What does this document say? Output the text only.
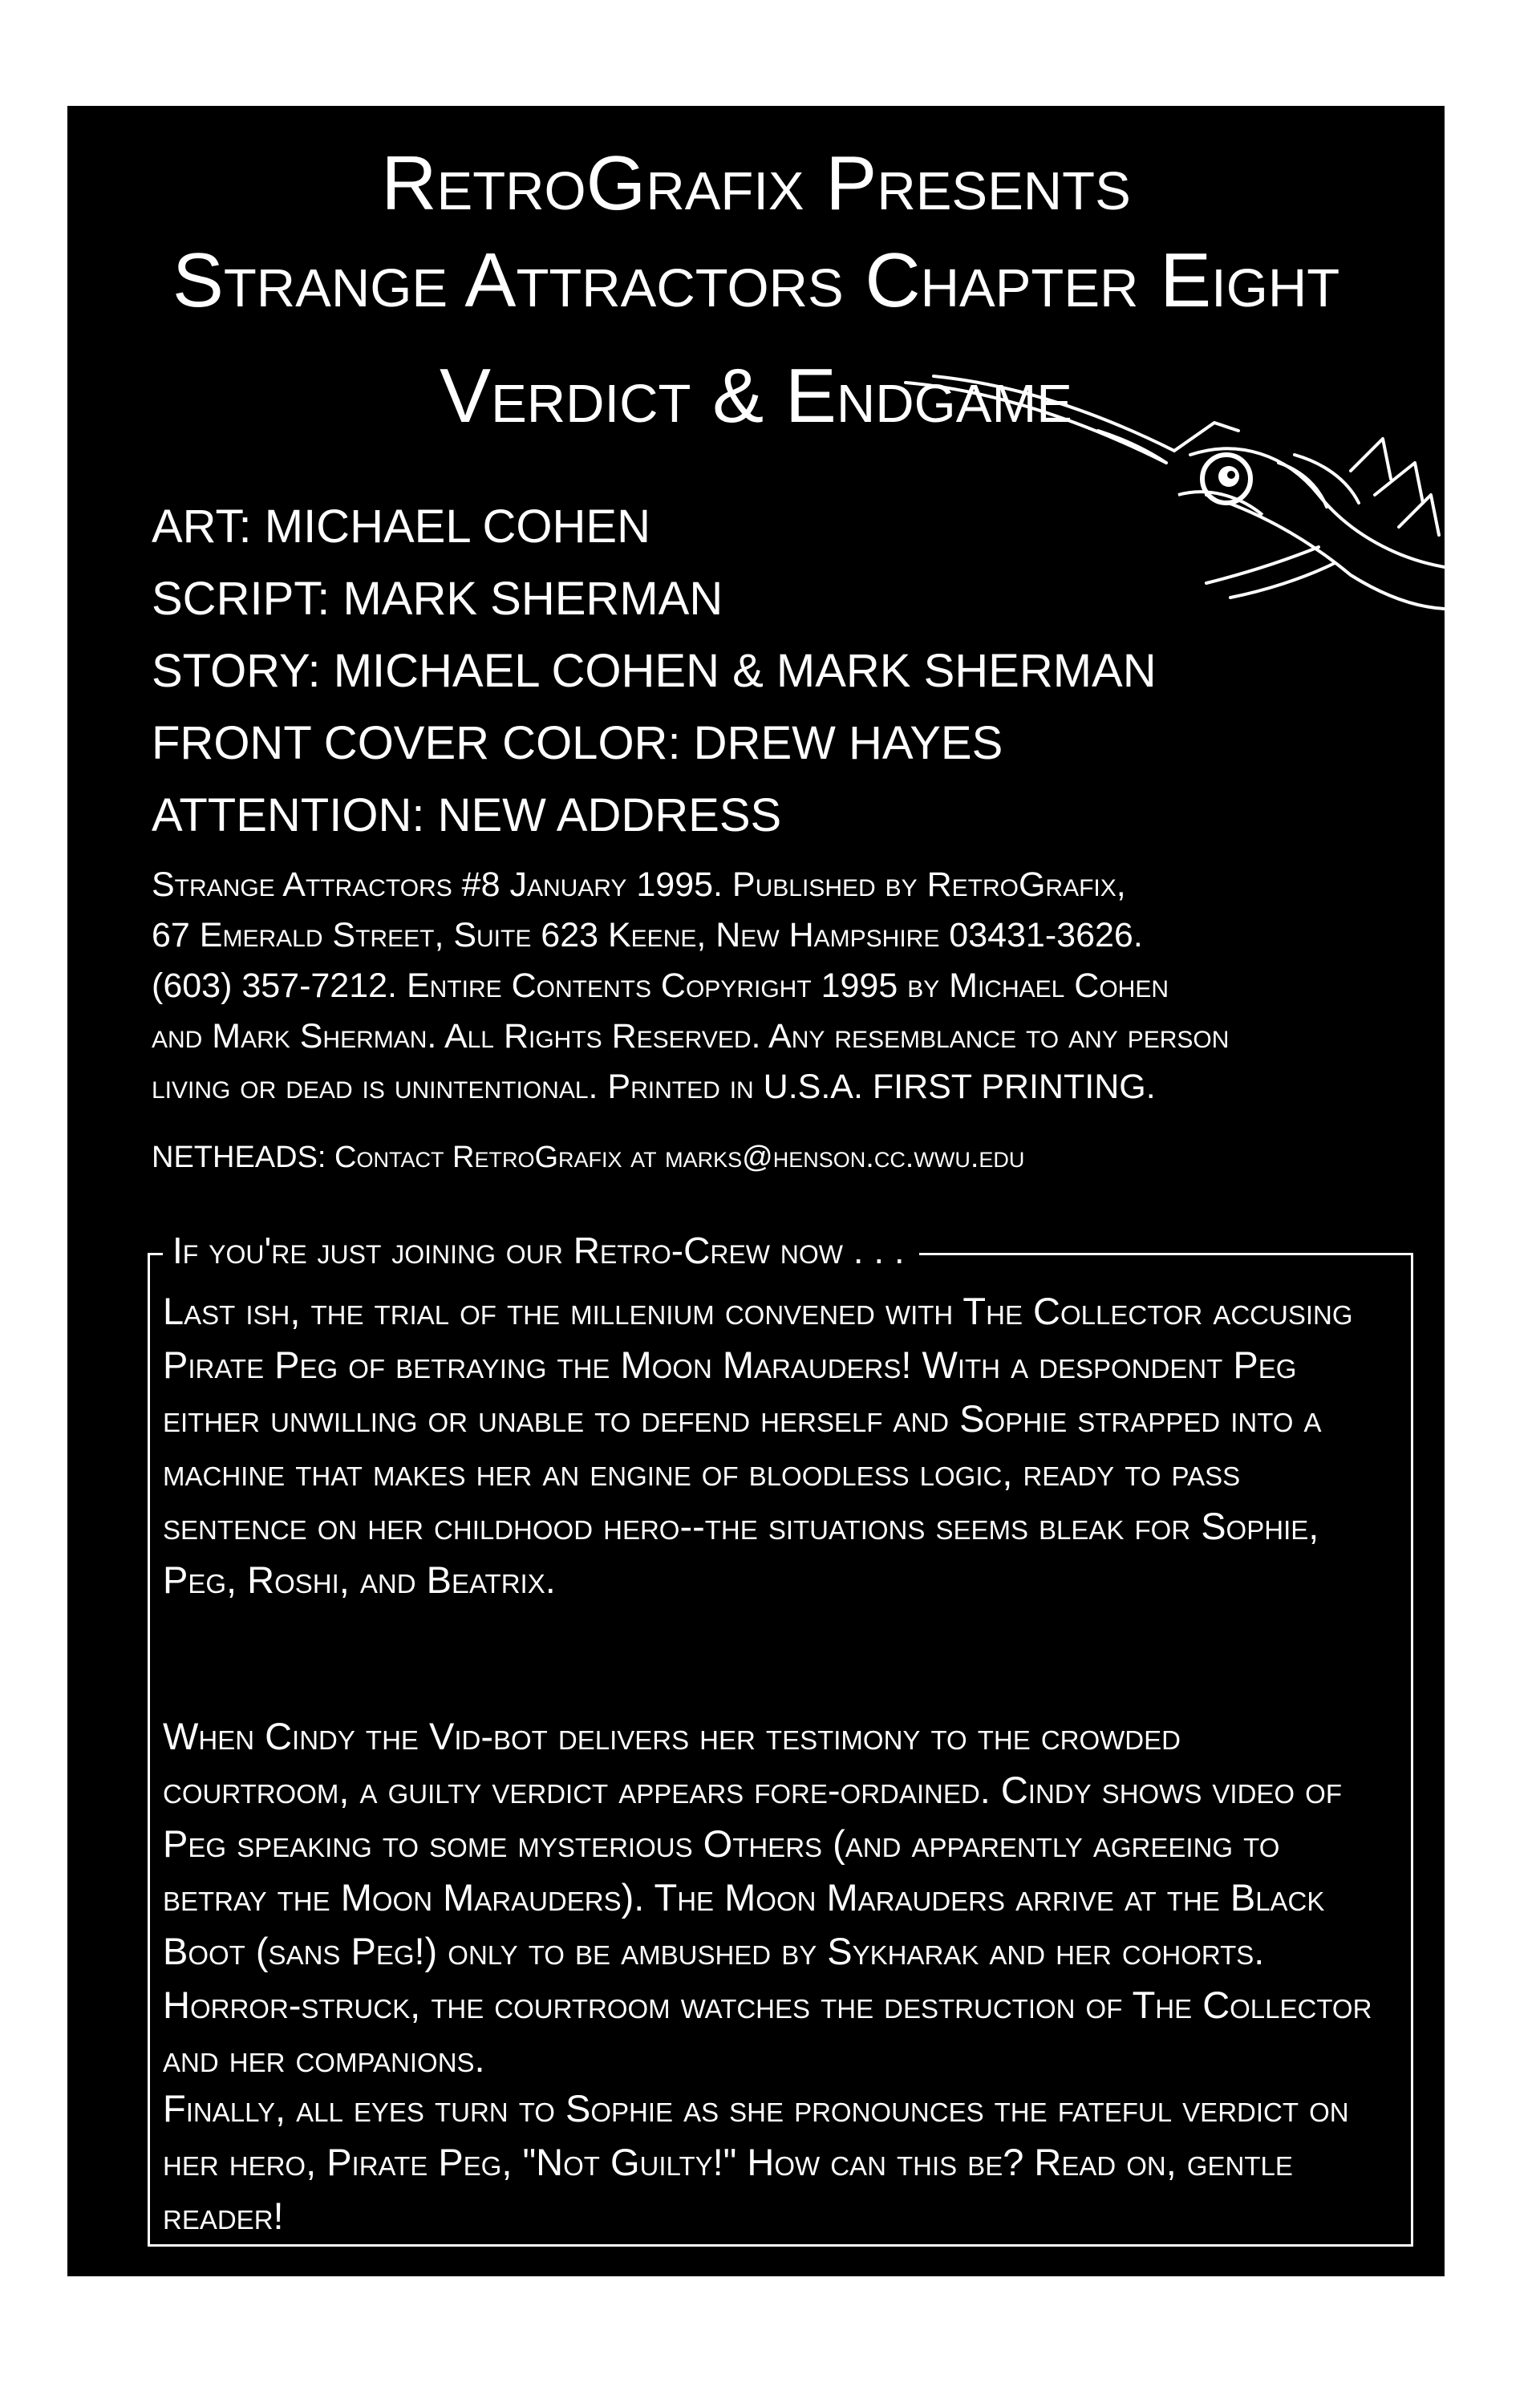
RetroGrafix Presents
Strange Attractors Chapter Eight
Verdict & Endgame
ART: MICHAEL COHEN
SCRIPT: MARK SHERMAN
STORY: MICHAEL COHEN & MARK SHERMAN
FRONT COVER COLOR: DREW HAYES
ATTENTION: NEW ADDRESS

Strange Attractors #8 January 1995. Published by RetroGrafix,
67 Emerald Street, Suite 623 Keene, New Hampshire 03431-3626.
(603) 357-7212. Entire Contents Copyright 1995 by Michael Cohen
and Mark Sherman. All Rights Reserved. Any resemblance to any person
living or dead is unintentional. Printed in U.S.A. FIRST PRINTING.

NETHEADS: Contact RetroGrafix at marks@henson.cc.wwu.edu
If you're just joining our Retro-Crew now . . .

Last ish, the trial of the millenium convened with The Collector accusing
Pirate Peg of betraying the Moon Marauders! With a despondent Peg
either unwilling or unable to defend herself and Sophie strapped into a
machine that makes her an engine of bloodless logic, ready to pass
sentence on her childhood hero--the situations seems bleak for Sophie,
Peg, Roshi, and Beatrix.

When Cindy the Vid-bot delivers her testimony to the crowded
courtroom, a guilty verdict appears fore-ordained. Cindy shows video of
Peg speaking to some mysterious Others (and apparently agreeing to
betray the Moon Marauders). The Moon Marauders arrive at the Black
Boot (sans Peg!) only to be ambushed by Sykharak and her cohorts.
Horror-struck, the courtroom watches the destruction of The Collector
and her companions.

Finally, all eyes turn to Sophie as she pronounces the fateful verdict on
her hero, Pirate Peg, "Not Guilty!" How can this be? Read on, gentle
reader!
